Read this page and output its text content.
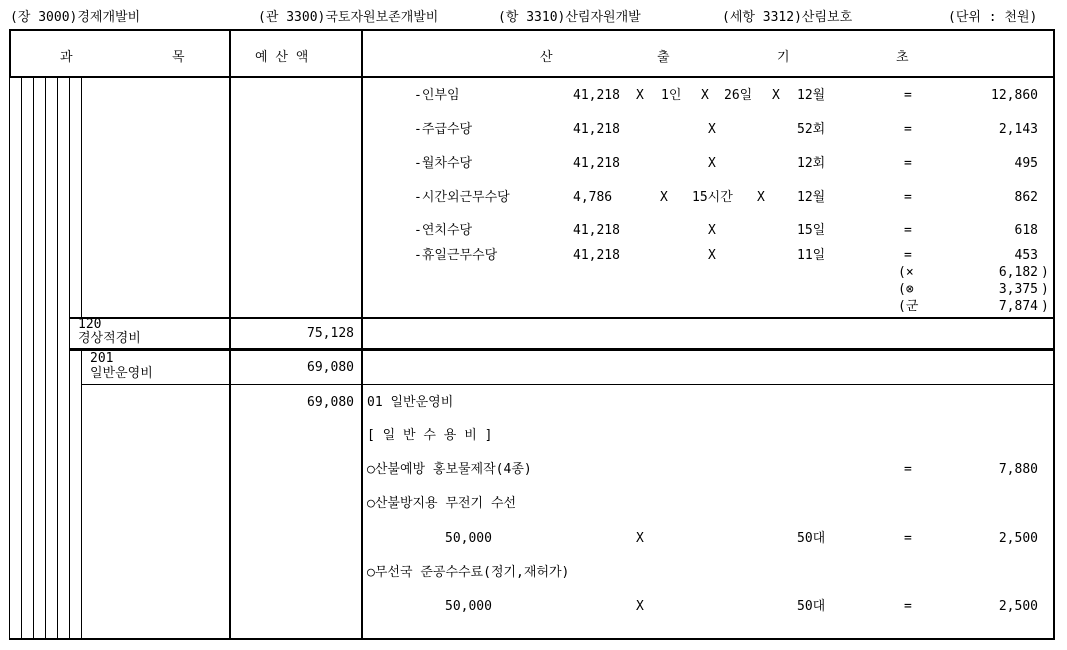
(장 3000)경제개발비	(관 3300)국토자원보존개발비	(항 3310)산림자원개발	(세항 3312)산림보호	(단위 : 천원)
과	목	예 산 액	산	출	기	초
-인부임	41,218 X 1인 X 26일 X 12월	=	12,860
-주급수당	41,218	X	52회	=	2,143
-월차수당	41,218	X	12회	=	495
-시간외근무수당	4,786	X 15시간 X 12월	=	862
-연치수당	41,218	X	15일	=	618
-휴일근무수당	41,218	X	11일	=	453
(×	6,182 )
(⊗	3,375 )
(군	7,874 )
120
경상적경비	75,128
201
일반운영비	69,080
69,080 01 일반운영비
[ 일 반 수 용 비 ]
○산불예방 홍보물제작(4종)	=	7,880
○산불방지용 무전기 수선
50,000	X	50대	=	2,500
○무선국 준공수수료(정기,재허가)
50,000	X	50대	=	2,500
